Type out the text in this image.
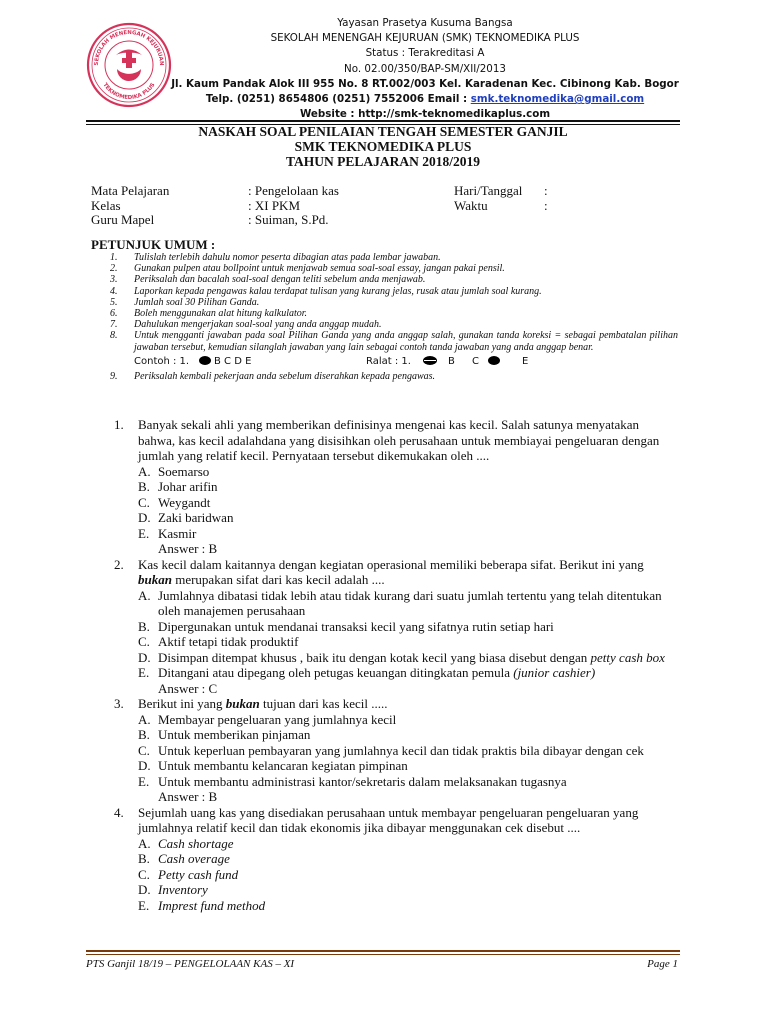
SEKOLAH MENENGAH KEJURUAN
TEKNOMEDIKA PLUS
Yayasan Prasetya Kusuma Bangsa
SEKOLAH MENENGAH KEJURUAN (SMK) TEKNOMEDIKA PLUS
Status : Terakreditasi A
No. 02.00/350/BAP-SM/XII/2013
Jl. Kaum Pandak Alok III 955 No. 8 RT.002/003 Kel. Karadenan Kec. Cibinong Kab. Bogor
Telp. (0251) 8654806 (0251) 7552006 Email : smk.teknomedika@gmail.com
Website : http://smk-teknomedikaplus.com
NASKAH SOAL PENILAIAN TENGAH SEMESTER GANJIL
SMK TEKNOMEDIKA PLUS
TAHUN PELAJARAN 2018/2019
Mata Pelajaran	: Pengelolaan kas	Hari/Tanggal :
Kelas	: XI PKM	Waktu	:
Guru Mapel	: Suiman, S.Pd.
PETUNJUK UMUM :
1. Tulislah terlebih dahulu nomor peserta dibagian atas pada lembar jawaban.
2. Gunakan pulpen atau bollpoint untuk menjawab semua soal-soal essay, jangan pakai pensil.
3. Periksalah dan bacalah soal-soal dengan teliti sebelum anda menjawab.
4. Laporkan kepada pengawas kalau terdapat tulisan yang kurang jelas, rusak atau jumlah soal kurang.
5. Jumlah soal 30 Pilihan Ganda.
6. Boleh menggunakan alat hitung kalkulator.
7. Dahulukan mengerjakan soal-soal yang anda anggap mudah.
8. Untuk mengganti jawaban pada soal Pilihan Ganda yang anda anggap salah, gunakan tanda koreksi = sebagai pembatalan pilihan jawaban tersebut, kemudian silanglah jawaban yang lain sebagai contoh tanda jawaban yang anda anggap benar.
Contoh : 1. B C D E	Ralat : 1.	B C	E
9. Periksalah kembali pekerjaan anda sebelum diserahkan kepada pengawas.
1. Banyak sekali ahli yang memberikan definisinya mengenai kas kecil. Salah satunya menyatakan bahwa, kas kecil adalahdana yang disisihkan oleh perusahaan untuk membiayai pengeluaran dengan jumlah yang relatif kecil. Pernyataan tersebut dikemukakan oleh ....
A. Soemarso
B. Johar arifin
C. Weygandt
D. Zaki baridwan
E. Kasmir
Answer : B
2. Kas kecil dalam kaitannya dengan kegiatan operasional memiliki beberapa sifat. Berikut ini yang bukan merupakan sifat dari kas kecil adalah ....
A. Jumlahnya dibatasi tidak lebih atau tidak kurang dari suatu jumlah tertentu yang telah ditentukan oleh manajemen perusahaan
B. Dipergunakan untuk mendanai transaksi kecil yang sifatnya rutin setiap hari
C. Aktif tetapi tidak produktif
D. Disimpan ditempat khusus , baik itu dengan kotak kecil yang biasa disebut dengan petty cash box
E. Ditangani atau dipegang oleh petugas keuangan ditingkatan pemula (junior cashier)
Answer : C
3. Berikut ini yang bukan tujuan dari kas kecil .....
A. Membayar pengeluaran yang jumlahnya kecil
B. Untuk memberikan pinjaman
C. Untuk keperluan pembayaran yang jumlahnya kecil dan tidak praktis bila dibayar dengan cek
D. Untuk membantu kelancaran kegiatan pimpinan
E. Untuk membantu administrasi kantor/sekretaris dalam melaksanakan tugasnya
Answer : B
4. Sejumlah uang kas yang disediakan perusahaan untuk membayar pengeluaran pengeluaran yang jumlahnya relatif kecil dan tidak ekonomis jika dibayar menggunakan cek disebut ....
A. Cash shortage
B. Cash overage
C. Petty cash fund
D. Inventory
E. Imprest fund method
PTS Ganjil 18/19 – PENGELOLAAN KAS – XI	Page 1
